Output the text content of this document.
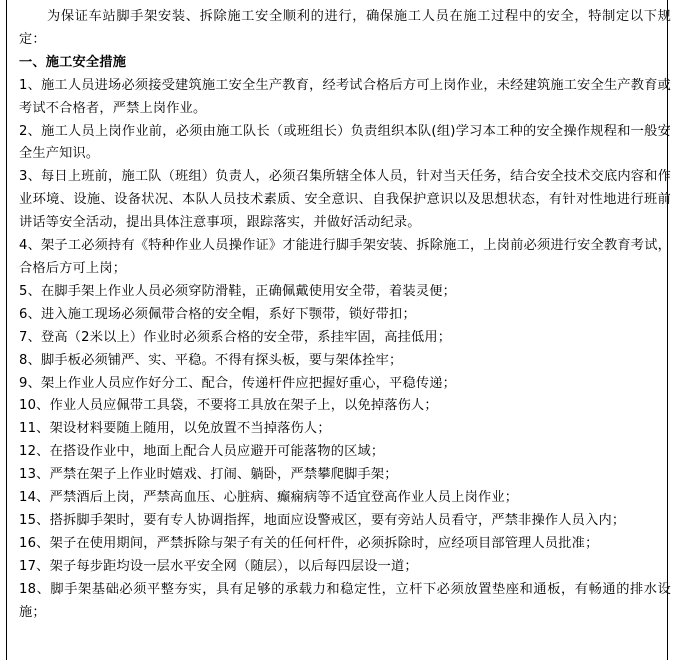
为保证车站脚手架安装、拆除施工安全顺利的进行，确保施工人员在施工过程中的安全，特制定以下规定：

一、施工安全措施

1、施工人员进场必须接受建筑施工安全生产教育，经考试合格后方可上岗作业，未经建筑施工安全生产教育或考试不合格者，严禁上岗作业。

2、施工人员上岗作业前，必须由施工队长（或班组长）负责组织本队(组)学习本工种的安全操作规程和一般安全生产知识。

3、每日上班前，施工队（班组）负责人，必须召集所辖全体人员，针对当天任务，结合安全技术交底内容和作业环境、设施、设备状况、本队人员技术素质、安全意识、自我保护意识以及思想状态，有针对性地进行班前讲话等安全活动，提出具体注意事项，跟踪落实，并做好活动纪录。

4、架子工必须持有《特种作业人员操作证》才能进行脚手架安装、拆除施工，上岗前必须进行安全教育考试，合格后方可上岗；

5、在脚手架上作业人员必须穿防滑鞋，正确佩戴使用安全带，着装灵便；

6、进入施工现场必须佩带合格的安全帽，系好下颚带，锁好带扣；

7、登高（2米以上）作业时必须系合格的安全带，系挂牢固，高挂低用；

8、脚手板必须铺严、实、平稳。不得有探头板，要与架体拴牢；

9、架上作业人员应作好分工、配合，传递杆件应把握好重心，平稳传递；

10、作业人员应佩带工具袋，不要将工具放在架子上，以免掉落伤人；

11、架设材料要随上随用，以免放置不当掉落伤人；

12、在搭设作业中，地面上配合人员应避开可能落物的区域；

13、严禁在架子上作业时嬉戏、打闹、躺卧，严禁攀爬脚手架；

14、严禁酒后上岗，严禁高血压、心脏病、癫痫病等不适宜登高作业人员上岗作业；

15、搭拆脚手架时，要有专人协调指挥，地面应设警戒区，要有旁站人员看守，严禁非操作人员入内；

16、架子在使用期间，严禁拆除与架子有关的任何杆件，必须拆除时，应经项目部管理人员批准；

17、架子每步距均设一层水平安全网（随层），以后每四层设一道；

18、脚手架基础必须平整夯实，具有足够的承载力和稳定性，立杆下必须放置垫座和通板，有畅通的排水设施；
